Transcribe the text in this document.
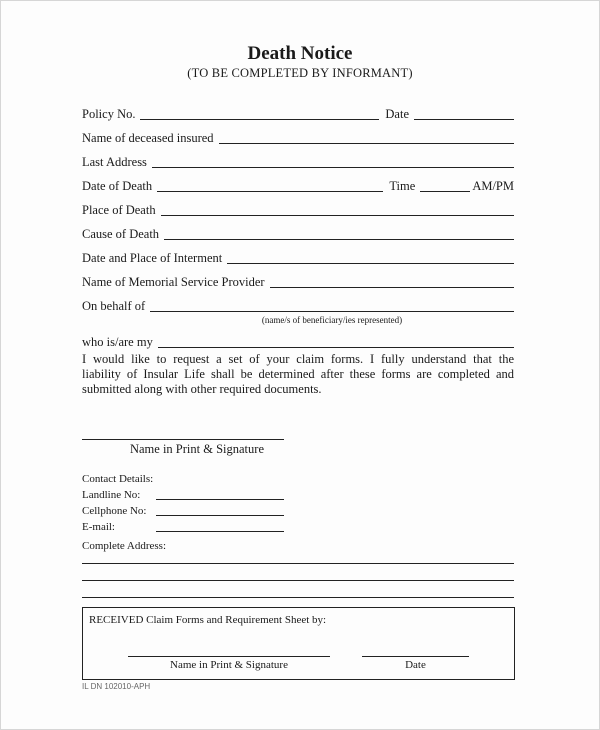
Death Notice
(TO BE COMPLETED BY INFORMANT)
Policy No.	Date
Name of deceased insured
Last Address
Date of Death	Time	AM/PM
Place of Death
Cause of Death
Date and Place of Interment
Name of Memorial Service Provider
On behalf of
(name/s of beneficiary/ies represented)
who is/are my
I would like to request a set of your claim forms. I fully understand that the
liability of Insular Life shall be determined after these forms are completed and
submitted along with other required documents.
Name in Print & Signature
Contact Details:
Landline No:
Cellphone No:
E-mail:
Complete Address:
RECEIVED Claim Forms and Requirement Sheet by:
Name in Print & Signature	Date
IL DN 102010-APH
